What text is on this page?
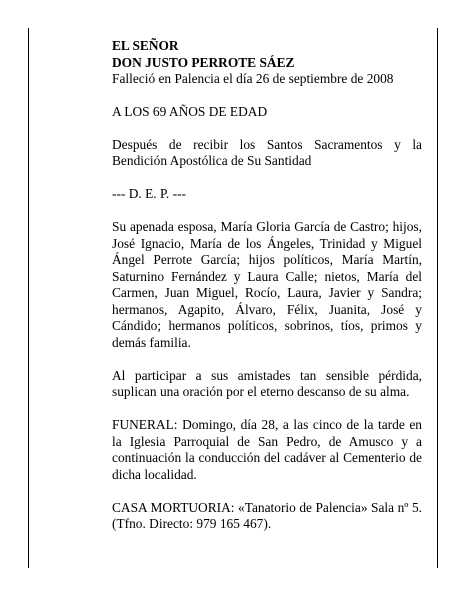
EL SEÑOR
DON JUSTO PERROTE SÁEZ
Falleció en Palencia el día 26 de septiembre de 2008

A LOS 69 AÑOS DE EDAD

Después de recibir los Santos Sacramentos y la Bendición Apostólica de Su Santidad

--- D. E. P. ---

Su apenada esposa, María Gloria García de Castro; hijos, José Ignacio, María de los Ángeles, Trinidad y Miguel Ángel Perrote García; hijos políticos, María Martín, Saturnino Fernández y Laura Calle; nietos, María del Carmen, Juan Miguel, Rocío, Laura, Javier y Sandra; hermanos, Agapito, Álvaro, Félix, Juanita, José y Cándido; hermanos políticos, sobrinos, tíos, primos y demás familia.

Al participar a sus amistades tan sensible pérdida, suplican una oración por el eterno descanso de su alma.

FUNERAL: Domingo, día 28, a las cinco de la tarde en la Iglesia Parroquial de San Pedro, de Amusco y a continuación la conducción del cadáver al Cementerio de dicha localidad.

CASA MORTUORIA: «Tanatorio de Palencia» Sala nº 5. (Tfno. Directo: 979 165 467).
